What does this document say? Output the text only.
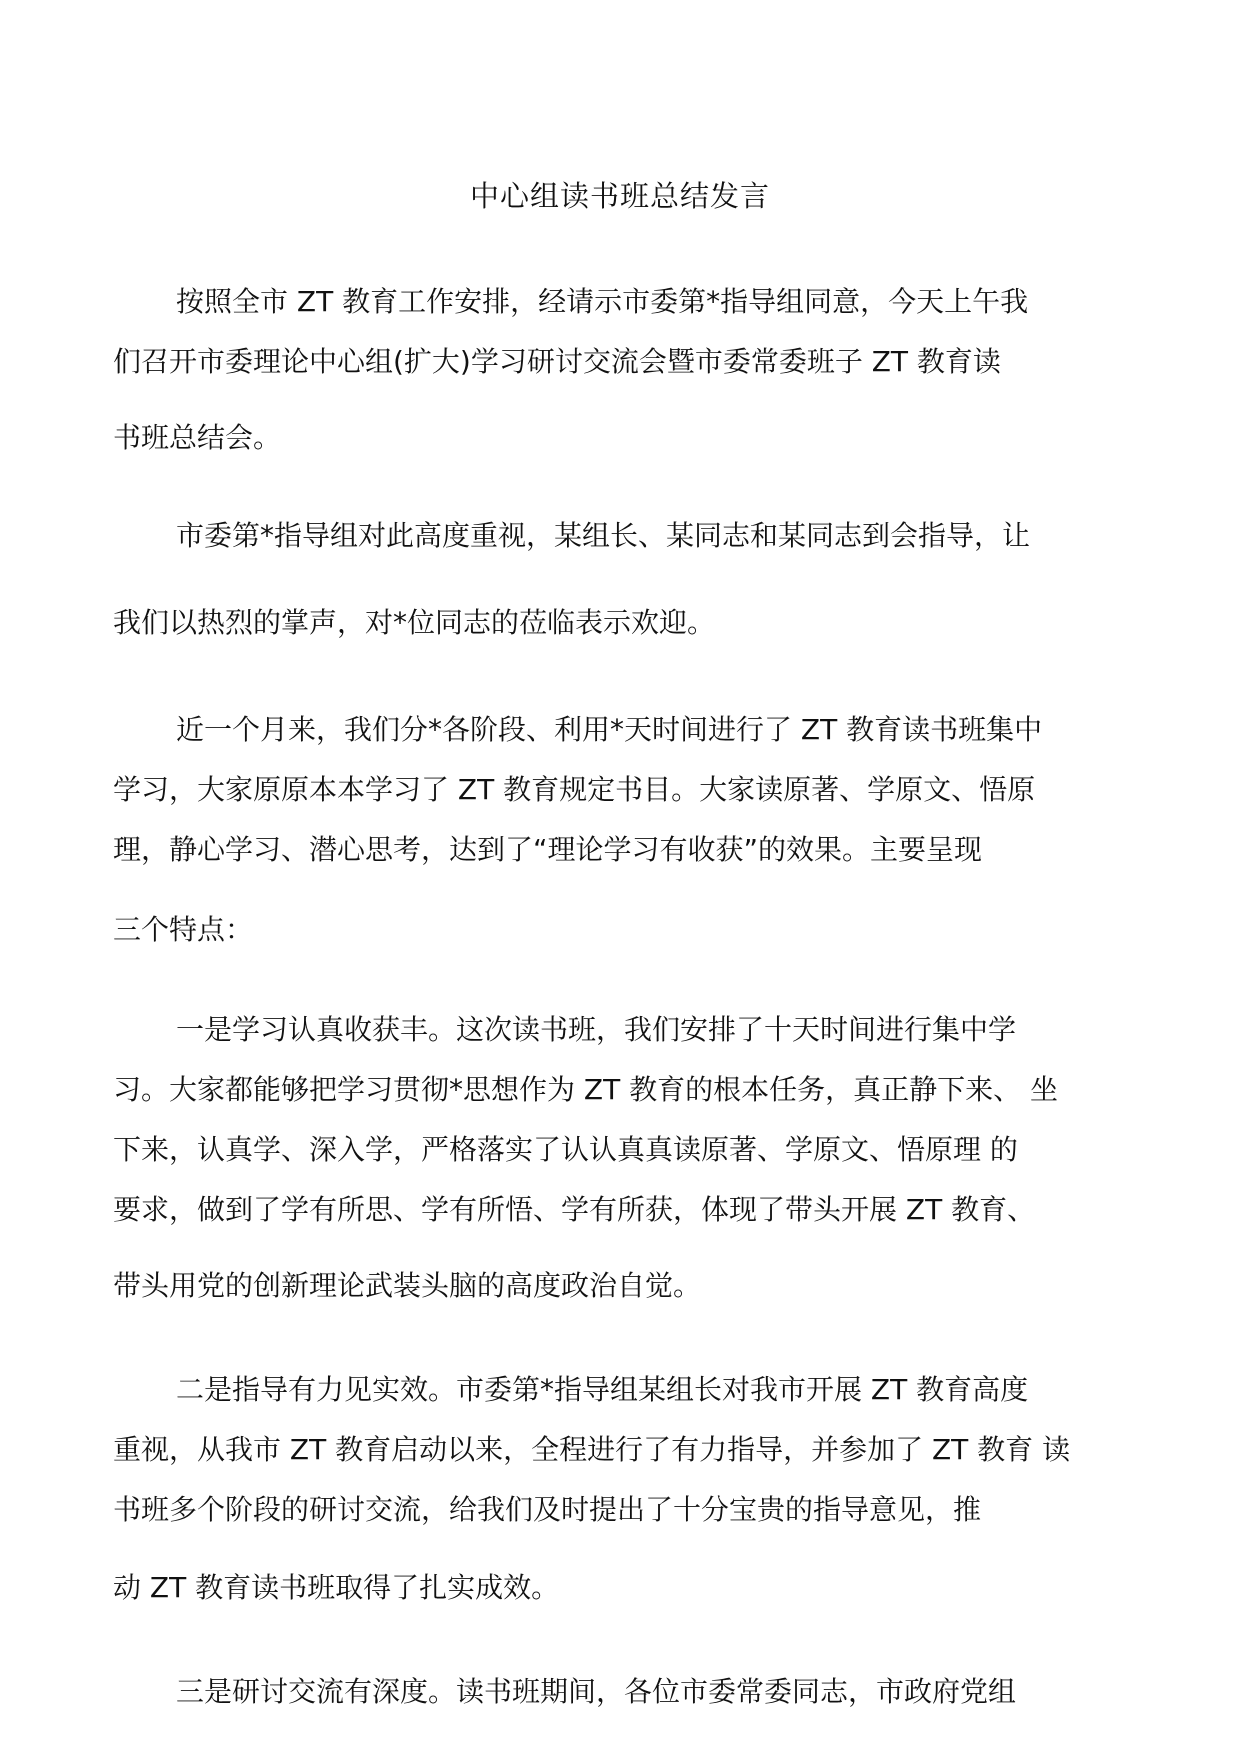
中心组读书班总结发言
按照全市 ZT 教育工作安排，经请示市委第*指导组同意，今天上午我
们召开市委理论中心组(扩大)学习研讨交流会暨市委常委班子 ZT 教育读
书班总结会。
市委第*指导组对此高度重视，某组长、某同志和某同志到会指导，让
我们以热烈的掌声，对*位同志的莅临表示欢迎。
近一个月来，我们分*各阶段、利用*天时间进行了 ZT 教育读书班集中
学习，大家原原本本学习了 ZT 教育规定书目。大家读原著、学原文、悟原
理，静心学习、潜心思考，达到了“理论学习有收获”的效果。主要呈现
三个特点：
一是学习认真收获丰。这次读书班，我们安排了十天时间进行集中学
习。大家都能够把学习贯彻*思想作为 ZT 教育的根本任务，真正静下来、 坐
下来，认真学、深入学，严格落实了认认真真读原著、学原文、悟原理 的
要求，做到了学有所思、学有所悟、学有所获，体现了带头开展 ZT 教育、
带头用党的创新理论武装头脑的高度政治自觉。
二是指导有力见实效。市委第*指导组某组长对我市开展 ZT 教育高度
重视，从我市 ZT 教育启动以来，全程进行了有力指导，并参加了 ZT 教育 读
书班多个阶段的研讨交流，给我们及时提出了十分宝贵的指导意见，推
动 ZT 教育读书班取得了扎实成效。
三是研讨交流有深度。读书班期间，各位市委常委同志，市政府党组
